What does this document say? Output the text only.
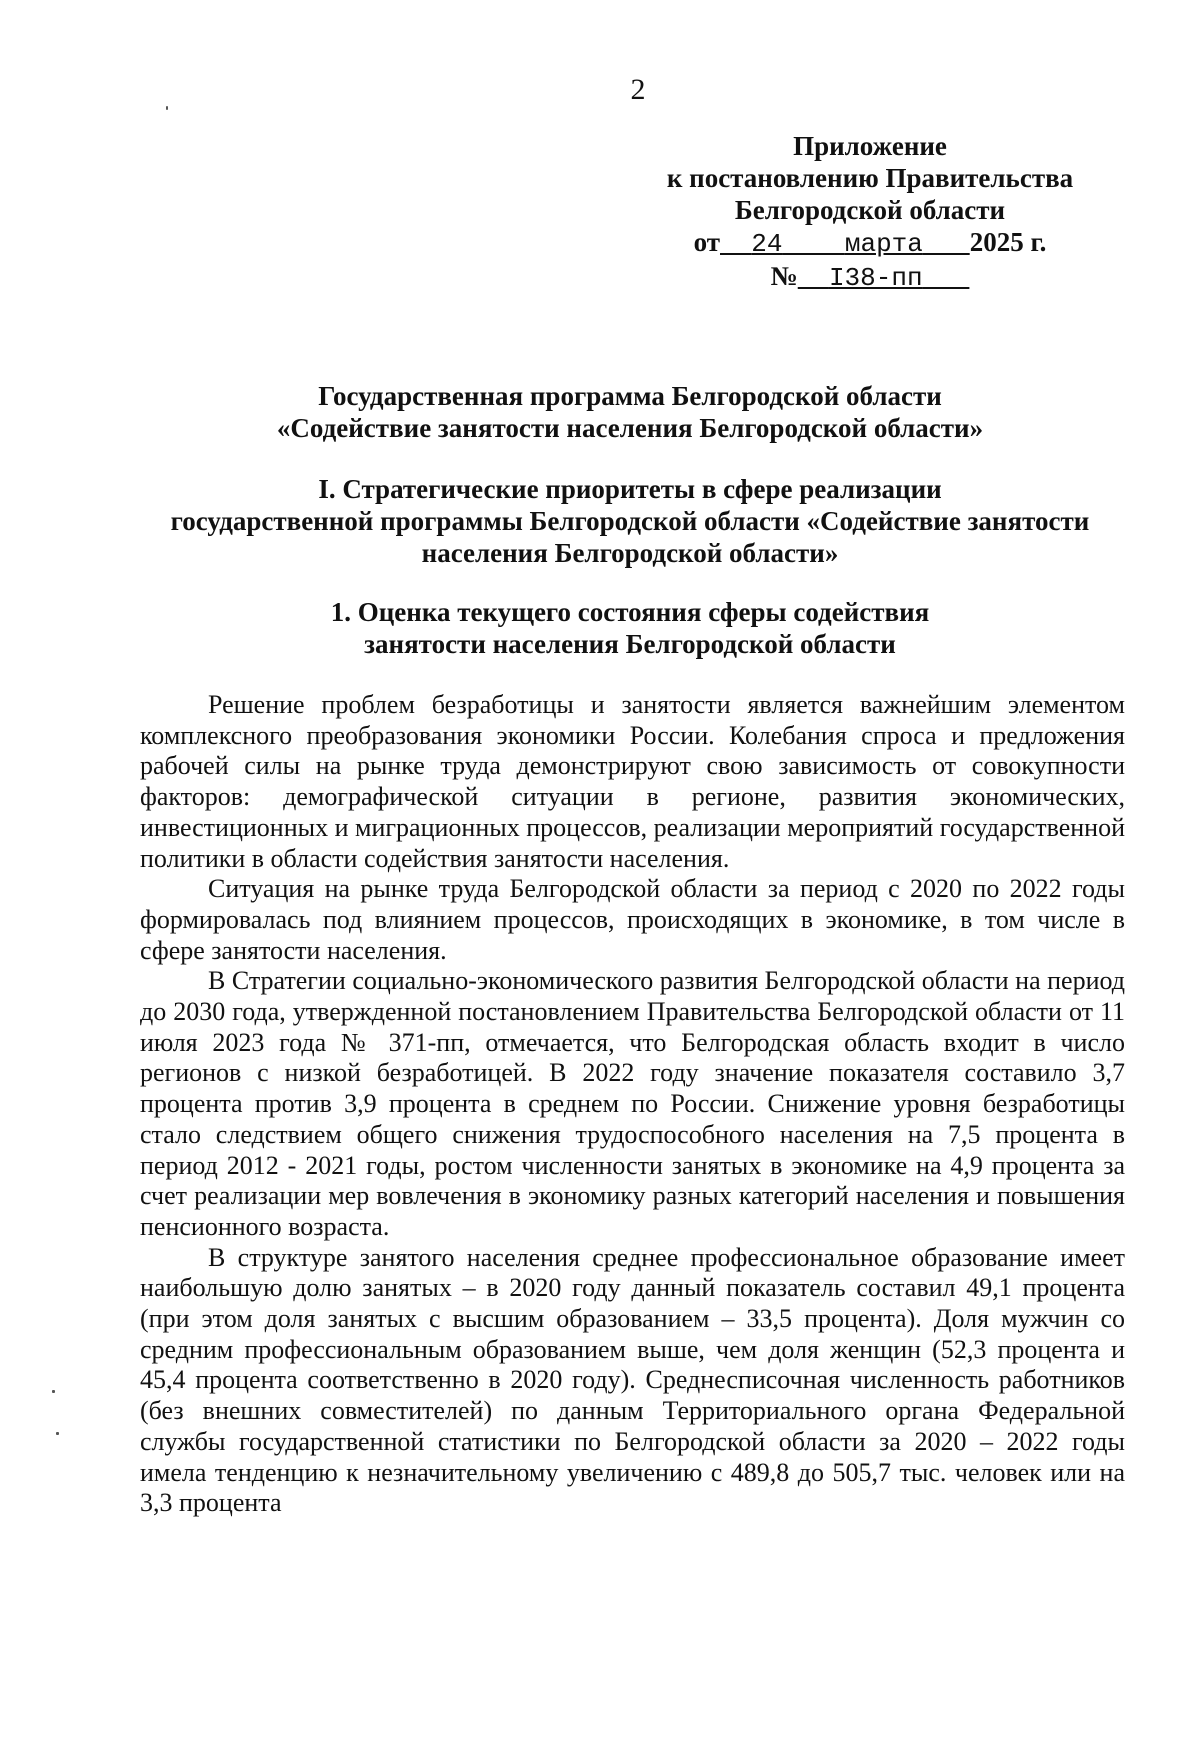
2
Приложение
к постановлению Правительства
Белгородской области
от 24 марта 2025 г.
№ I38-пп
Государственная программа Белгородской области
«Содействие занятости населения Белгородской области»
I. Стратегические приоритеты в сфере реализации
государственной программы Белгородской области «Содействие занятости
населения Белгородской области»
1. Оценка текущего состояния сферы содействия
занятости населения Белгородской области

Решение проблем безработицы и занятости является важнейшим элементом комплексного преобразования экономики России. Колебания спроса и предложения рабочей силы на рынке труда демонстрируют свою зависимость от совокупности факторов: демографической ситуации в регионе, развития экономических, инвестиционных и миграционных процессов, реализации мероприятий государственной политики в области содействия занятости населения.

Ситуация на рынке труда Белгородской области за период с 2020 по 2022 годы формировалась под влиянием процессов, происходящих в экономике, в том числе в сфере занятости населения.

В Стратегии социально-экономического развития Белгородской области на период до 2030 года, утвержденной постановлением Правительства Белгородской области от 11 июля 2023 года № 371-пп, отмечается, что Белгородская область входит в число регионов с низкой безработицей. В 2022 году значение показателя составило 3,7 процента против 3,9 процента в среднем по России. Снижение уровня безработицы стало следствием общего снижения трудоспособного населения на 7,5 процента в период 2012 - 2021 годы, ростом численности занятых в экономике на 4,9 процента за счет реализации мер вовлечения в экономику разных категорий населения и повышения пенсионного возраста.

В структуре занятого населения среднее профессиональное образование имеет наибольшую долю занятых – в 2020 году данный показатель составил 49,1 процента (при этом доля занятых с высшим образованием – 33,5 процента). Доля мужчин со средним профессиональным образованием выше, чем доля женщин (52,3 процента и 45,4 процента соответственно в 2020 году). Среднесписочная численность работников (без внешних совместителей) по данным Территориального органа Федеральной службы государственной статистики по Белгородской области за 2020 – 2022 годы имела тенденцию к незначительному увеличению с 489,8 до 505,7 тыс. человек или на 3,3 процента
